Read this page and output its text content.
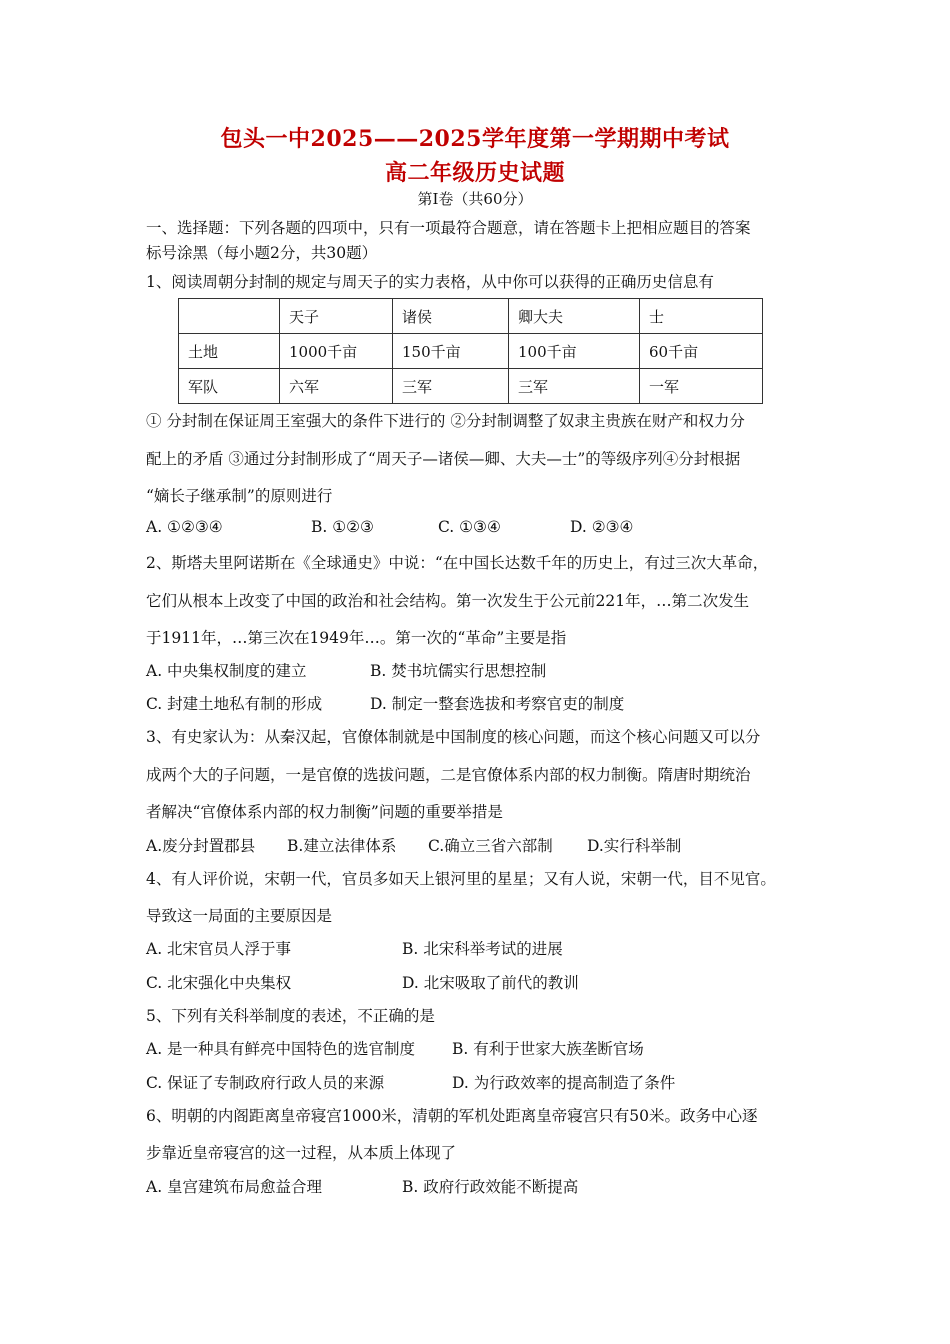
包头一中2025——2025学年度第一学期期中考试
高二年级历史试题
第Ⅰ卷（共60分）
一、选择题：下列各题的四项中，只有一项最符合题意，请在答题卡上把相应题目的答案
标号涂黑（每小题2分，共30题）
1、阅读周朝分封制的规定与周天子的实力表格，从中你可以获得的正确历史信息有
	天子	诸侯	卿大夫	士
土地	1000千亩	150千亩	100千亩	60千亩
军队	六军	三军	三军	一军
① 分封制在保证周王室强大的条件下进行的 ②分封制调整了奴隶主贵族在财产和权力分
配上的矛盾 ③通过分封制形成了“周天子—诸侯—卿、大夫—士”的等级序列④分封根据
“嫡长子继承制”的原则进行
A. ①②③④	B. ①②③	C. ①③④	D. ②③④
2、斯塔夫里阿诺斯在《全球通史》中说：“在中国长达数千年的历史上，有过三次大革命，
它们从根本上改变了中国的政治和社会结构。第一次发生于公元前221年，…第二次发生
于1911年，…第三次在1949年…。第一次的“革命”主要是指
A. 中央集权制度的建立	B. 焚书坑儒实行思想控制
C. 封建土地私有制的形成	D. 制定一整套选拔和考察官吏的制度
3、有史家认为：从秦汉起，官僚体制就是中国制度的核心问题，而这个核心问题又可以分
成两个大的子问题，一是官僚的选拔问题，二是官僚体系内部的权力制衡。隋唐时期统治
者解决“官僚体系内部的权力制衡”问题的重要举措是
A.废分封置郡县 B.建立法律体系 C.确立三省六部制 D.实行科举制
4、有人评价说，宋朝一代，官员多如天上银河里的星星；又有人说，宋朝一代，目不见官。
导致这一局面的主要原因是
A. 北宋官员人浮于事	B. 北宋科举考试的进展
C. 北宋强化中央集权	D. 北宋吸取了前代的教训
5、下列有关科举制度的表述，不正确的是
A. 是一种具有鲜亮中国特色的选官制度 B. 有利于世家大族垄断官场
C. 保证了专制政府行政人员的来源	D. 为行政效率的提高制造了条件
6、明朝的内阁距离皇帝寝宫1000米，清朝的军机处距离皇帝寝宫只有50米。政务中心逐
步靠近皇帝寝宫的这一过程，从本质上体现了
A. 皇宫建筑布局愈益合理	B. 政府行政效能不断提高
